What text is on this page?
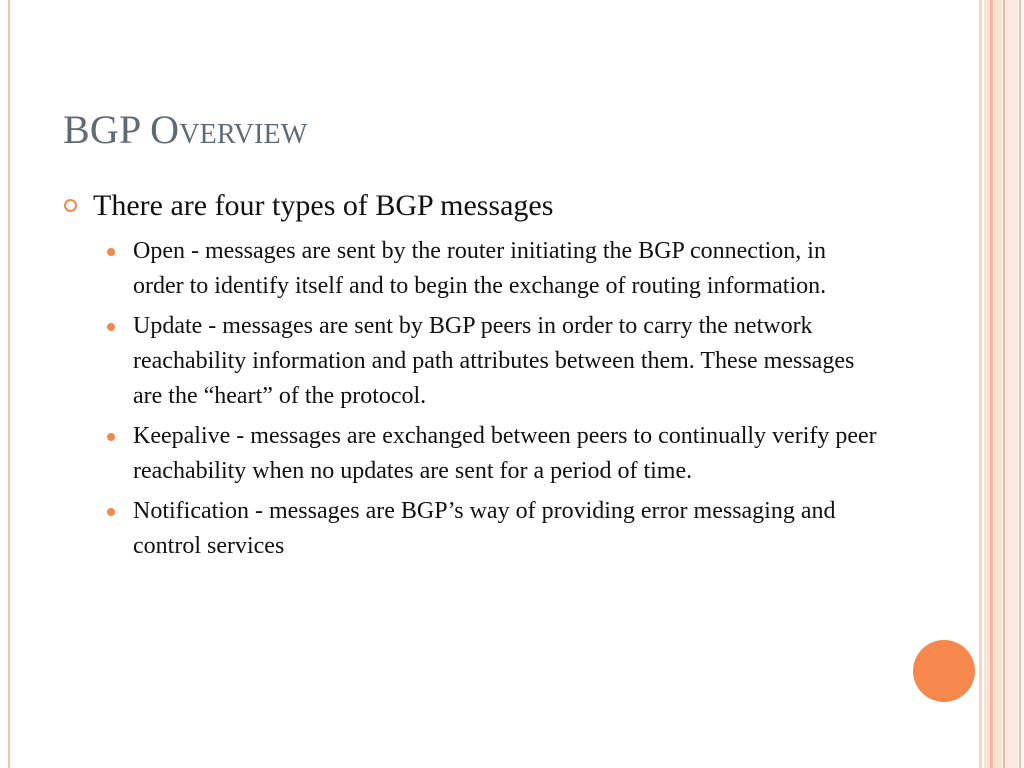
BGP Overview
There are four types of BGP messages
Open - messages are sent by the router initiating the BGP connection, in order to identify itself and to begin the exchange of routing information.
Update - messages are sent by BGP peers in order to carry the network reachability information and path attributes between them. These messages are the “heart” of the protocol.
Keepalive - messages are exchanged between peers to continually verify peer reachability when no updates are sent for a period of time.
Notification - messages are BGP’s way of providing error messaging and control services
